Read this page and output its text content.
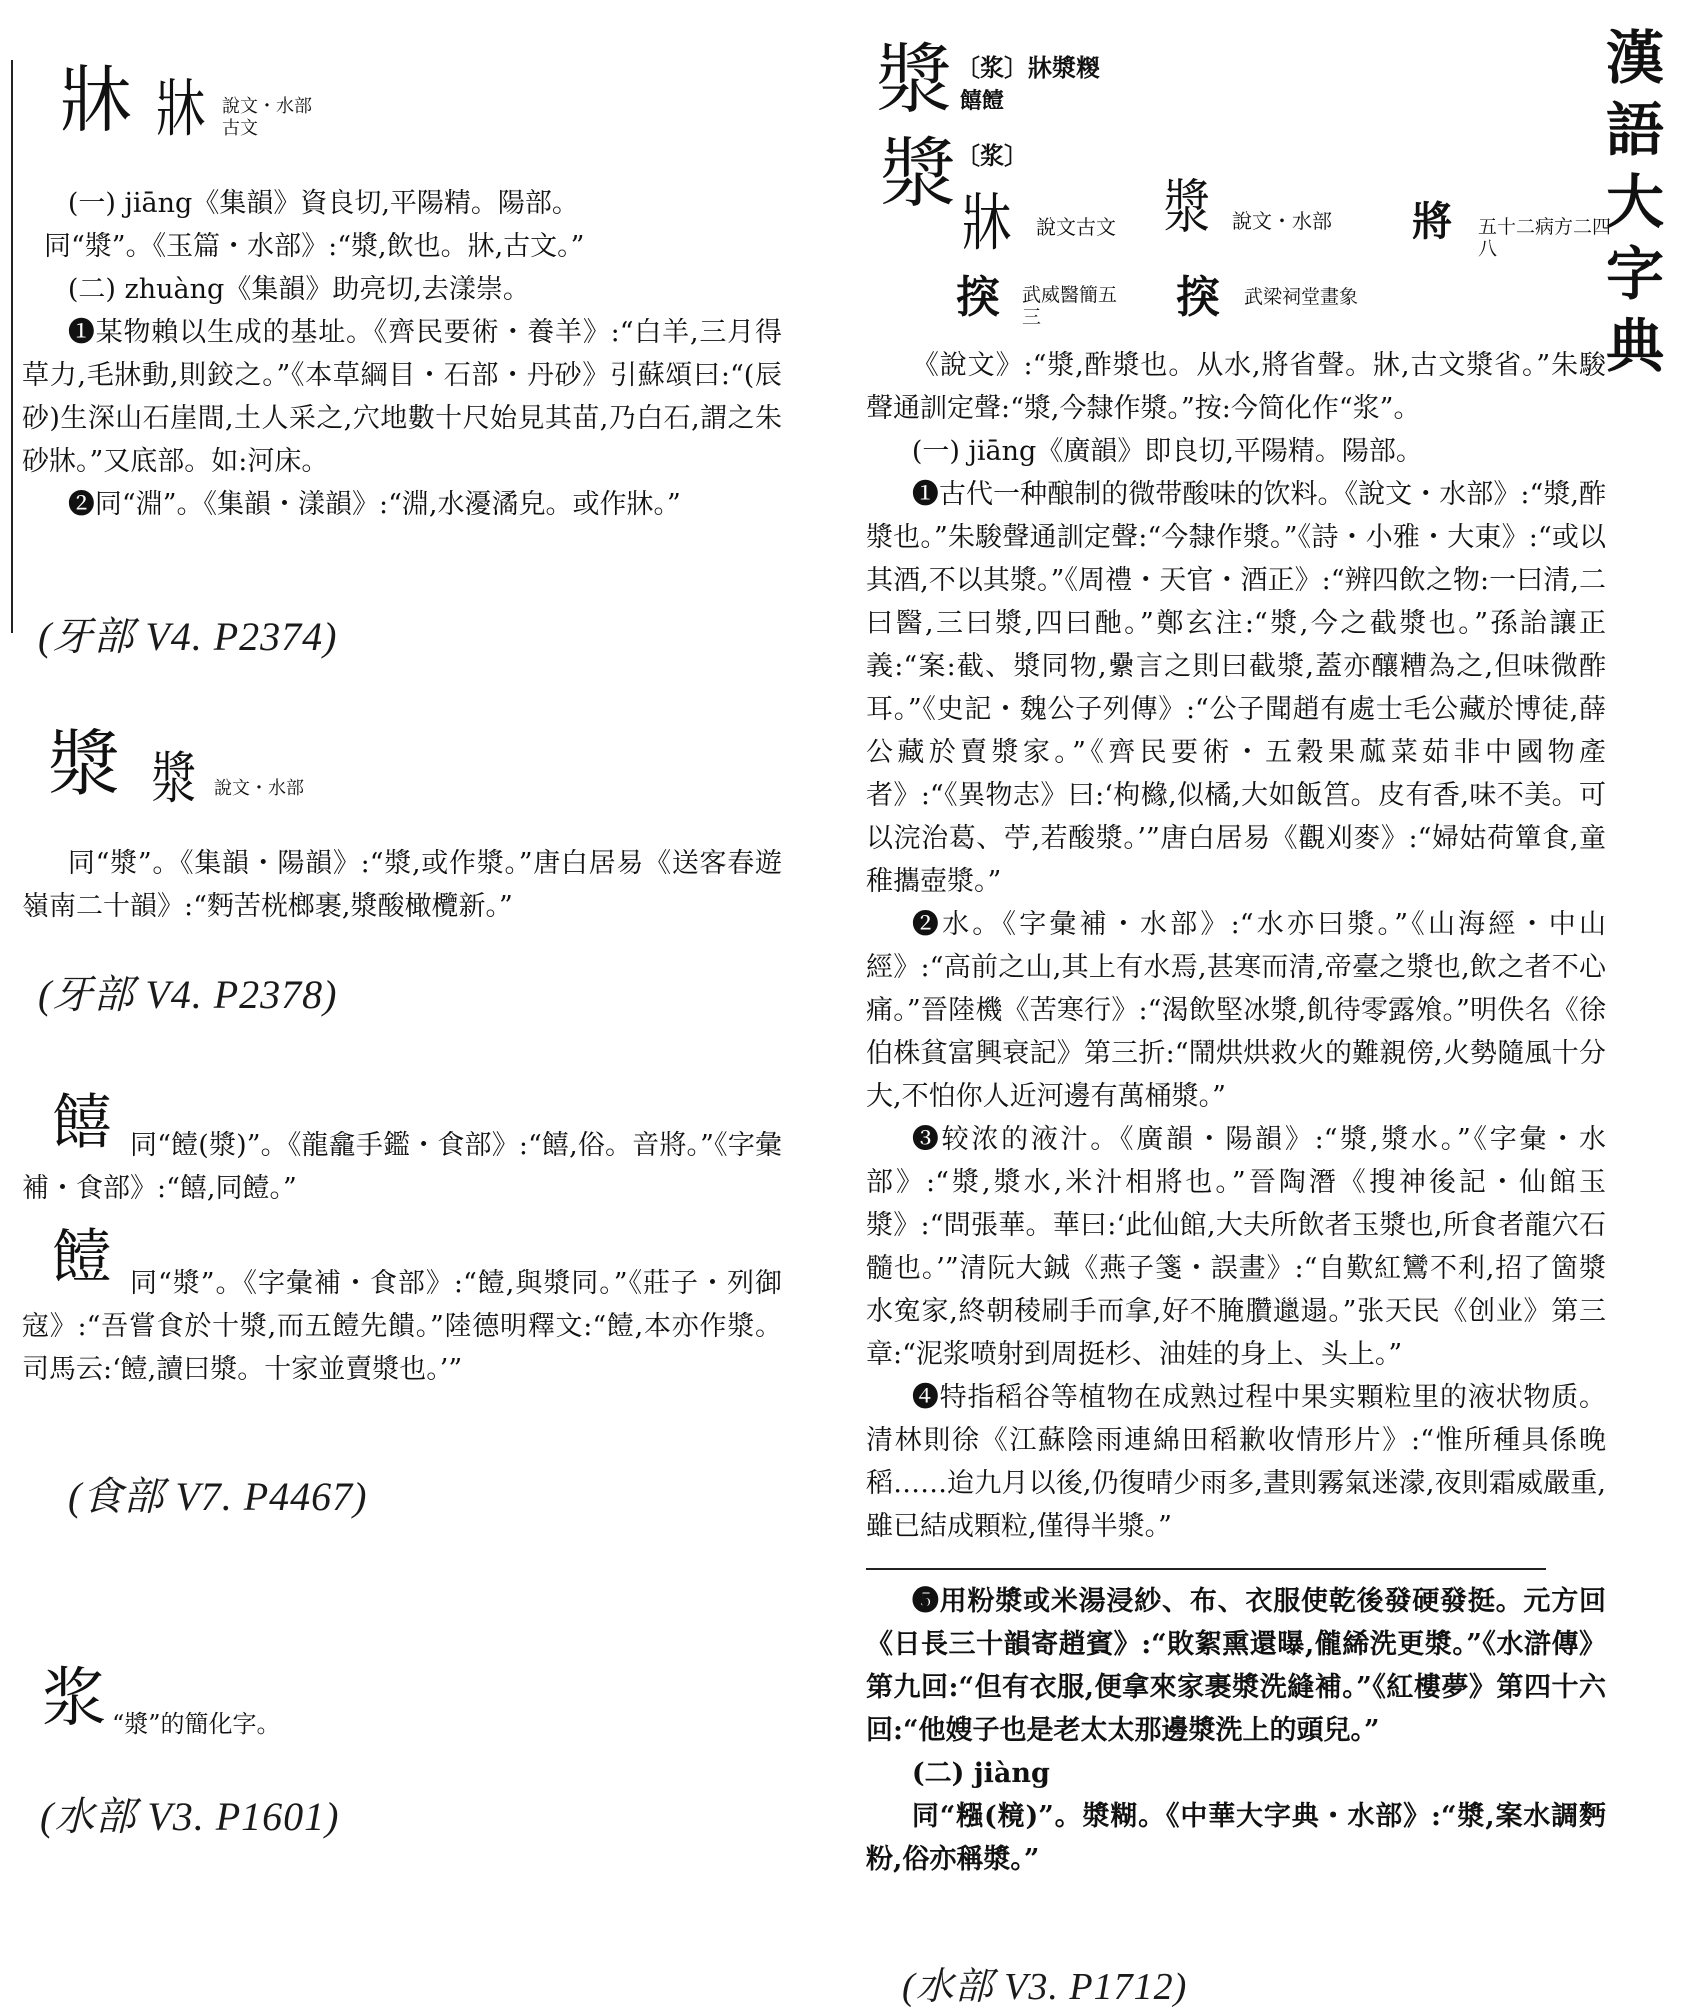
牀 牀 說文・水部
古文

(一) jiāng《集韻》資良切,平陽精。陽部。

同“漿”。《玉篇・水部》:“漿,飲也。牀,古文。”

(二) zhuàng《集韻》助亮切,去漾崇。

❶某物賴以生成的基址。《齊民要術・養羊》:“白羊,三月得草力,毛牀動,則鉸之。”《本草綱目・石部・丹砂》引蘇頌曰:“(辰砂)生深山石崖間,土人采之,穴地數十尺始見其苗,乃白石,謂之朱砂牀。”又底部。如:河床。

❷同“淵”。《集韻・漾韻》:“淵,水瀀潏皃。或作牀。”

(牙部 V4. P2374)
漿 漿 說文・水部

同“漿”。《集韻・陽韻》:“漿,或作漿。”唐白居易《送客春遊嶺南二十韻》:“麪苦桄榔裹,漿酸橄欖新。”

(牙部 V4. P2378)
饎 同“饐(漿)”。《龍龕手鑑・食部》:“饎,俗。音將。”《字彙補・食部》:“饎,同饐。”

饐 同“漿”。《字彙補・食部》:“饐,與漿同。”《莊子・列御寇》:“吾嘗食於十漿,而五饐先饋。”陸德明釋文:“饐,本亦作漿。司馬云:‘饐,讀曰漿。十家並賣漿也。’”

(食部 V7. P4467)
浆 “漿”的簡化字。
(水部 V3. P1601)
漢語大字典
漿 〔浆〕牀漿糉
饎饐
漿 〔浆〕
牀 說文古文 漿 說文・水部 將 五十二病方二四八
揬 武威醫簡五三	揬 武梁祠堂畫象

《說文》:“漿,酢漿也。从水,將省聲。牀,古文漿省。”朱駿聲通訓定聲:“漿,今隸作漿。”按:今简化作“浆”。

(一) jiāng《廣韻》即良切,平陽精。陽部。

❶古代一种酿制的微带酸味的饮料。《說文・水部》:“漿,酢漿也。”朱駿聲通訓定聲:“今隸作漿。”《詩・小雅・大東》:“或以其酒,不以其漿。”《周禮・天官・酒正》:“辨四飲之物:一曰清,二曰醫,三曰漿,四曰酏。”鄭玄注:“漿,今之截漿也。”孫詒讓正義:“案:截、漿同物,纍言之則曰截漿,蓋亦釀糟為之,但味微酢耳。”《史記・魏公子列傳》:“公子聞趙有處士毛公藏於博徒,薛公藏於賣漿家。”《齊民要術・五穀果蓏菜茹非中國物產者》:“《異物志》曰:‘枸櫞,似橘,大如飯筥。皮有香,味不美。可以浣治葛、苧,若酸漿。’”唐白居易《觀刈麥》:“婦姑荷簞食,童稚攜壺漿。”

❷水。《字彙補・水部》:“水亦曰漿。”《山海經・中山經》:“高前之山,其上有水焉,甚寒而清,帝臺之漿也,飲之者不心痛。”晉陸機《苦寒行》:“渴飲堅冰漿,飢待零露飧。”明佚名《徐伯株貧富興衰記》第三折:“鬧烘烘救火的難親傍,火勢隨風十分大,不怕你人近河邊有萬桶漿。”

❸较浓的液汁。《廣韻・陽韻》:“漿,漿水。”《字彙・水部》:“漿,漿水,米汁相將也。”晉陶潛《搜神後記・仙館玉漿》:“問張華。華曰:‘此仙館,大夫所飲者玉漿也,所食者龍穴石髓也。’”清阮大鋮《燕子箋・誤畫》:“自歎紅鸞不利,招了箇漿水寃家,終朝稜刷手而拿,好不腌臢邋遢。”张天民《创业》第三章:“泥浆喷射到周挺杉、油娃的身上、头上。”

❹特指稻谷等植物在成熟过程中果实顆粒里的液状物质。清林則徐《江蘇陰雨連綿田稻歉收情形片》:“惟所種具係晚稻……迨九月以後,仍復晴少雨多,晝則霧氣迷濛,夜則霜威嚴重,雖已結成顆粒,僅得半漿。”

❺用粉漿或米湯浸紗、布、衣服使乾後發硬發挺。元方回《日長三十韻寄趙賓》:“敗絮熏還曝,儱絺洗更漿。”《水滸傳》第九回:“但有衣服,便拿來家裹漿洗縫補。”《紅樓夢》第四十六回:“他嫂子也是老太太那邊漿洗上的頭兒。”

(二) jiàng

同“糨(糡)”。漿糊。《中華大字典・水部》:“漿,案水調麪粉,俗亦稱漿。”

(水部 V3. P1712)
